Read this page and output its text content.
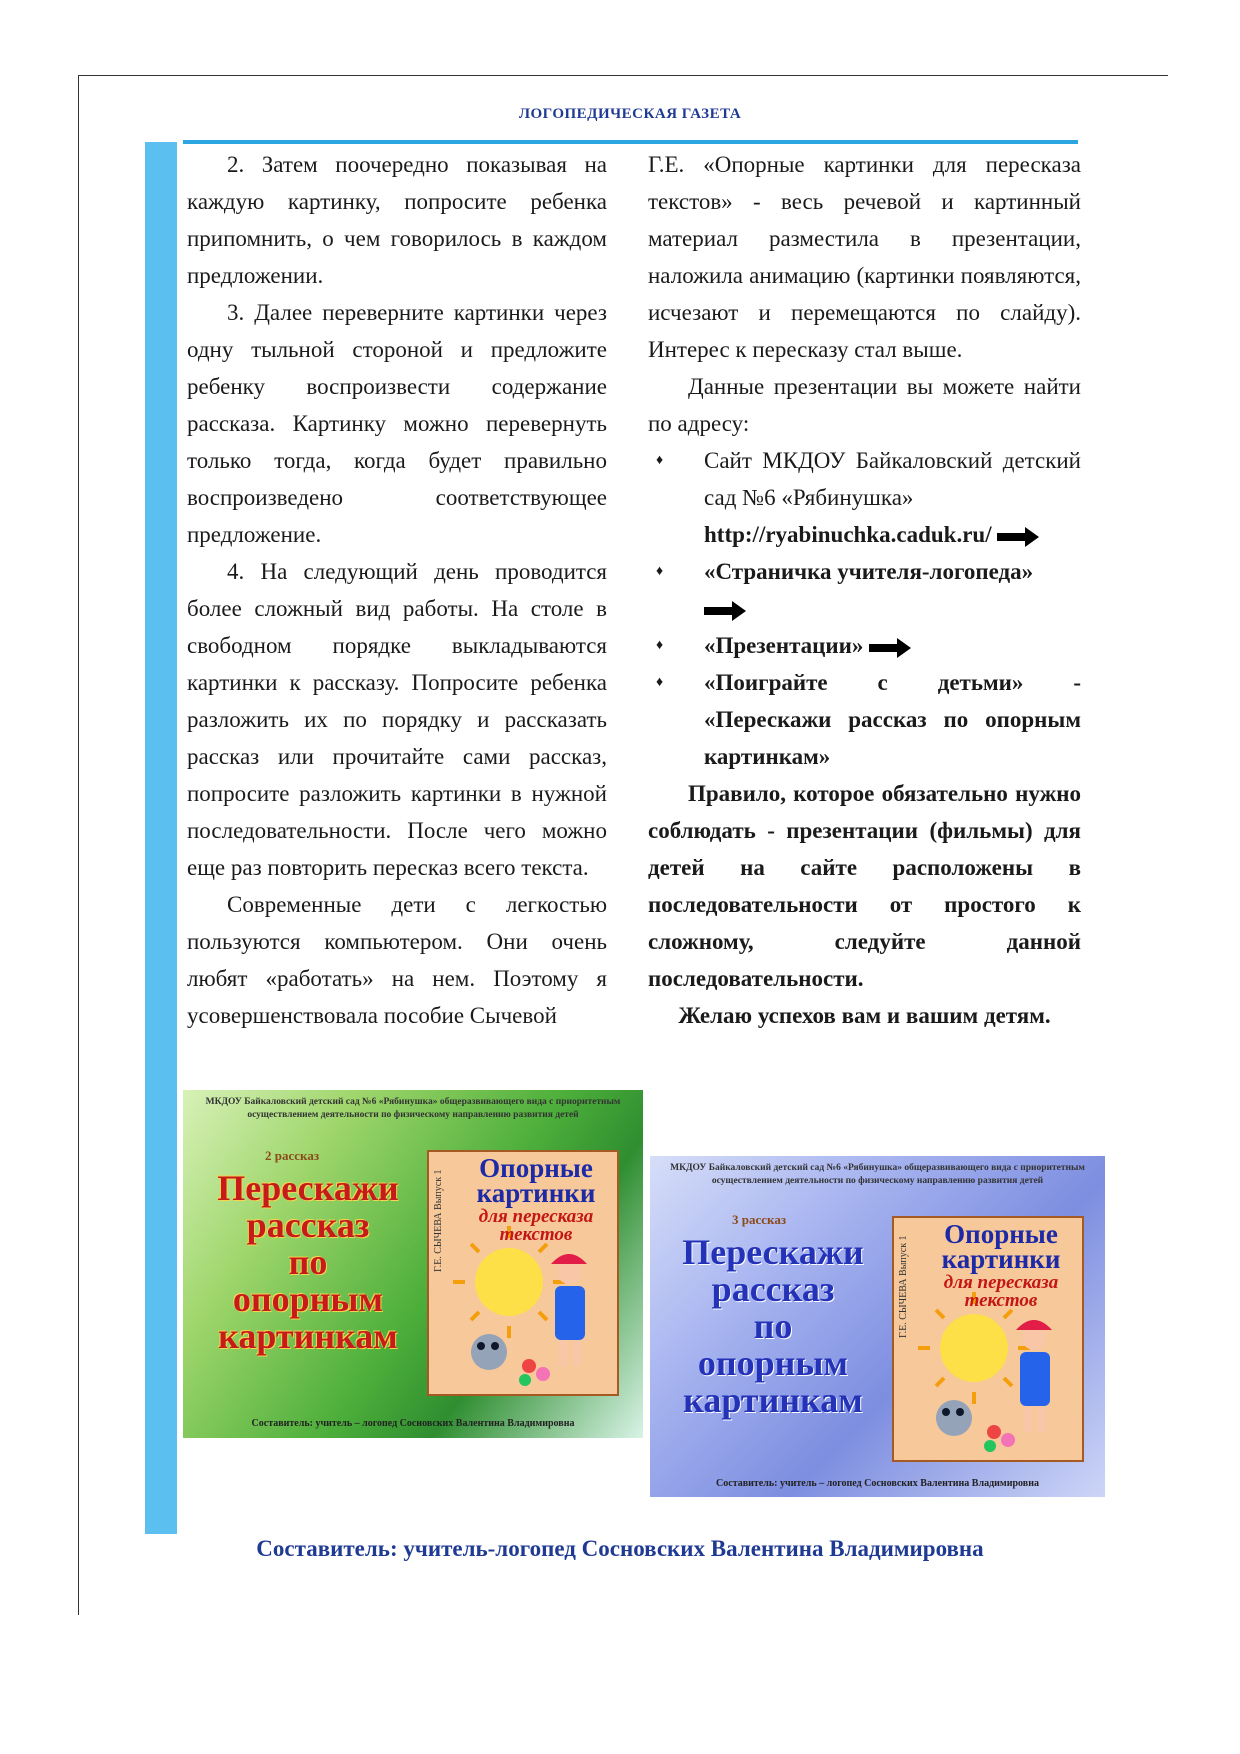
ЛОГОПЕДИЧЕСКАЯ ГАЗЕТА

2. Затем поочередно показывая на каждую картинку, попросите ребенка припомнить, о чем говорилось в каждом предложении.

3. Далее переверните картинки через одну тыльной стороной и предложите ребенку воспроизвести содержание рассказа. Картинку можно перевернуть только тогда, когда будет правильно воспроизведено соответствующее предложение.

4. На следующий день проводится более сложный вид работы. На столе в свободном порядке выкладываются картинки к рассказу. Попросите ребенка разложить их по порядку и рассказать рассказ или прочитайте сами рассказ, попросите разложить картинки в нужной последовательности. После чего можно еще раз повторить пересказ всего текста.

Современные дети с легкостью пользуются компьютером. Они очень любят «работать» на нем. Поэтому я усовершенствовала пособие Сычевой

Г.Е. «Опорные картинки для пересказа текстов» - весь речевой и картинный материал разместила в презентации, наложила анимацию (картинки появляются, исчезают и перемещаются по слайду). Интерес к пересказу стал выше.

Данные презентации вы можете найти по адресу:

♦	Сайт МКДОУ Байкаловский детский сад №6 «Рябинушка»
http://ryabinuchka.caduk.ru/
♦	«Страничка учителя-логопеда»

♦	«Презентации»
♦	«Поиграйте с детьми» - «Перескажи рассказ по опорным картинкам»

Правило, которое обязательно нужно соблюдать - презентации (фильмы) для детей на сайте расположены в последовательности от простого к сложному, следуйте данной последовательности.

Желаю успехов вам и вашим детям.

МКДОУ Байкаловский детский сад №6 «Рябинушка» общеразвивающего вида с приоритетным осуществлением деятельности по физическому направлению развития детей
2 рассказ
Перескажи
рассказ
по
опорным
картинкам
Опорные картинки
для пересказа текстов
Г.Е. СЫЧЕВА Выпуск 1
Составитель: учитель – логопед Сосновских Валентина Владимировна
МКДОУ Байкаловский детский сад №6 «Рябинушка» общеразвивающего вида с приоритетным осуществлением деятельности по физическому направлению развития детей
3 рассказ
Перескажи
рассказ
по
опорным
картинкам
Опорные картинки
для пересказа текстов
Г.Е. СЫЧЕВА Выпуск 1
Составитель: учитель – логопед Сосновских Валентина Владимировна
Составитель: учитель-логопед Сосновских Валентина Владимировна
